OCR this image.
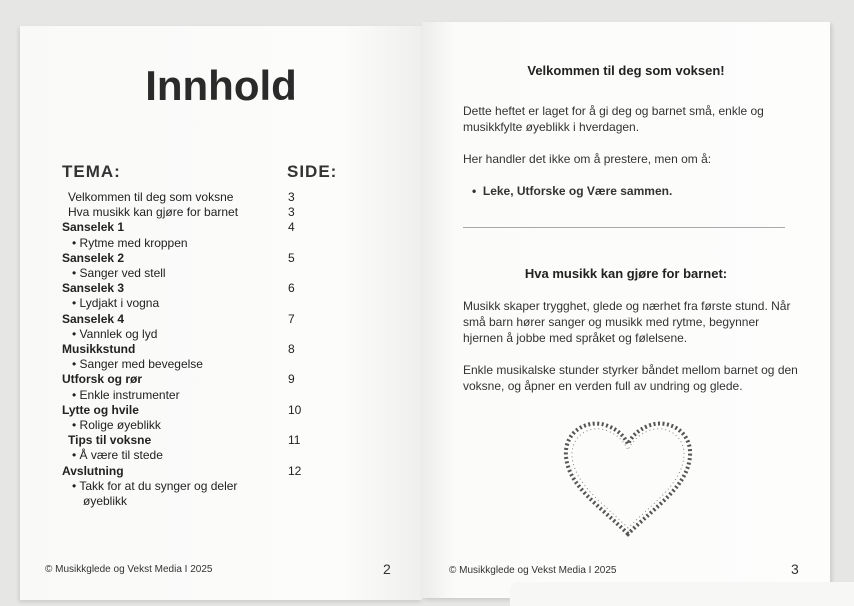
Innhold
TEMA:	SIDE:
Velkommen til deg som voksne	3
Hva musikk kan gjøre for barnet	3
Sanselek 1	4
• Rytme med kroppen
Sanselek 2	5
• Sanger ved stell
Sanselek 3	6
• Lydjakt i vogna
Sanselek 4	7
• Vannlek og lyd
Musikkstund	8
• Sanger med bevegelse
Utforsk og rør	9
• Enkle instrumenter
Lytte og hvile	10
• Rolige øyeblikk
Tips til voksne	11
• Å være til stede
Avslutning	12
• Takk for at du synger og deler
øyeblikk
© Musikkglede og Vekst Media I 2025	2
Velkommen til deg som voksen!
Dette heftet er laget for å gi deg og barnet små, enkle og musikkfylte øyeblikk i hverdagen.
Her handler det ikke om å prestere, men om å:
•  Leke, Utforske og Være sammen.
Hva musikk kan gjøre for barnet:
Musikk skaper trygghet, glede og nærhet fra første stund. Når små barn hører sanger og musikk med rytme, begynner hjernen å jobbe med språket og følelsene.
Enkle musikalske stunder styrker båndet mellom barnet og den voksne, og åpner en verden full av undring og glede.
© Musikkglede og Vekst Media I 2025	3
